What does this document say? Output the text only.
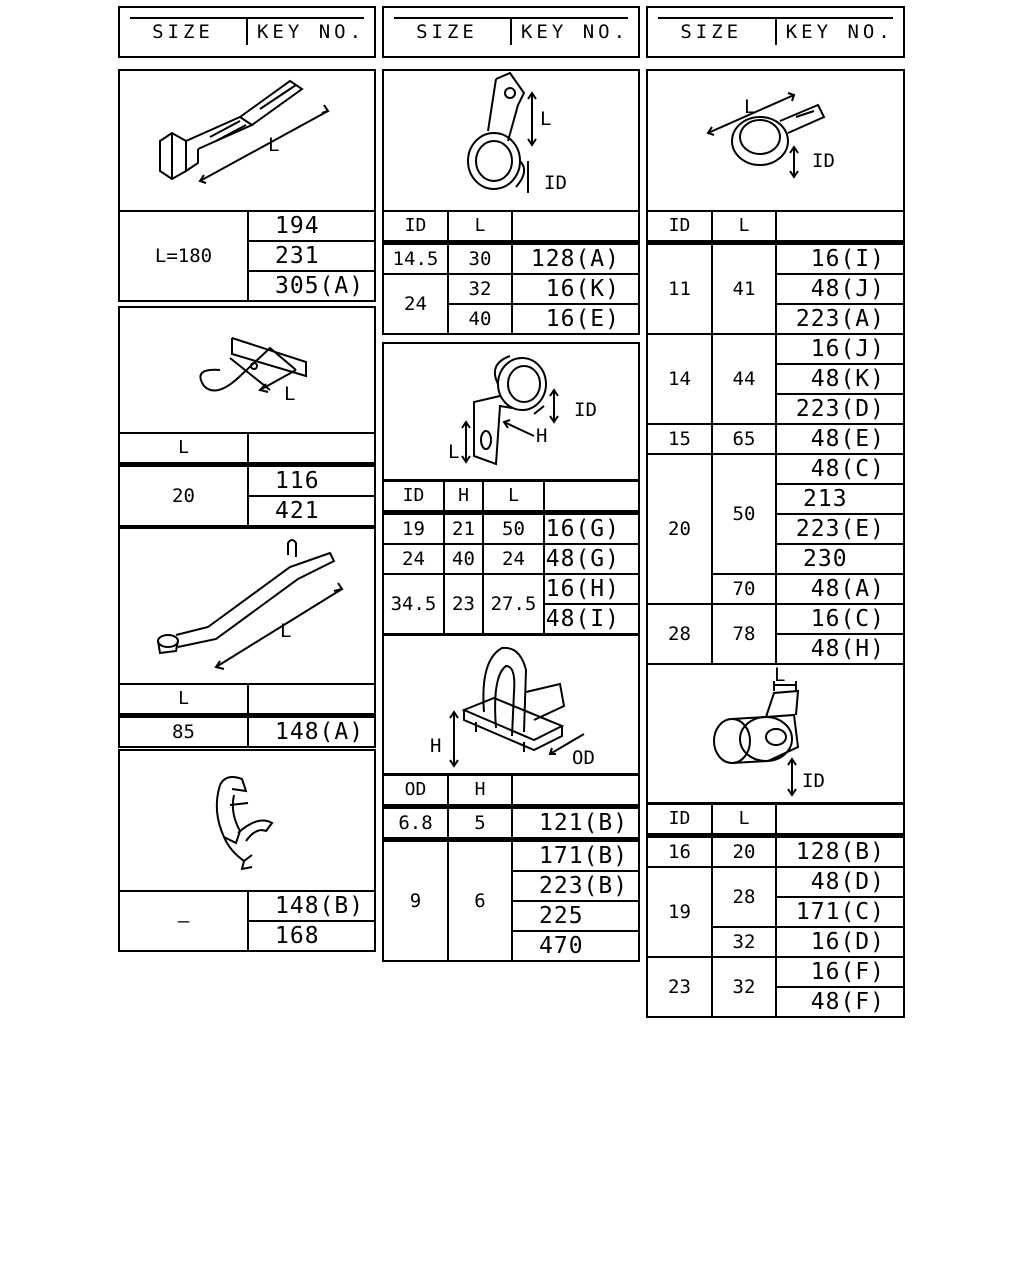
SIZE	KEY NO.	SIZE	KEY NO.	SIZE	KEY NO.
L
L=180	194
231
305(A)
L
L	
20	116
	421
L
L	
85	148(A)
—	148(B)
168
L
ID
ID	L	
14.5	30	128(A)
24	32	16(K)
	40	16(E)
ID
H
L
ID	H	L	
19	21	50	16(G)
24	40	24	48(G)
34.5	23	27.5	16(H)
			48(I)
H
OD
OD	H	
6.8	5	121(B)
9	6	171(B)
		223(B)
		225
		470
L
ID
ID	L	
11	41	16(I)
		48(J)
		223(A)
14	44	16(J)
		48(K)
		223(D)
15	65	48(E)
20	50	48(C)
		213
		223(E)
		230
	70	48(A)
28	78	16(C)
		48(H)
L
ID
ID	L	
16	20	128(B)
19	28	48(D)
		171(C)
	32	16(D)
23	32	16(F)
		48(F)
